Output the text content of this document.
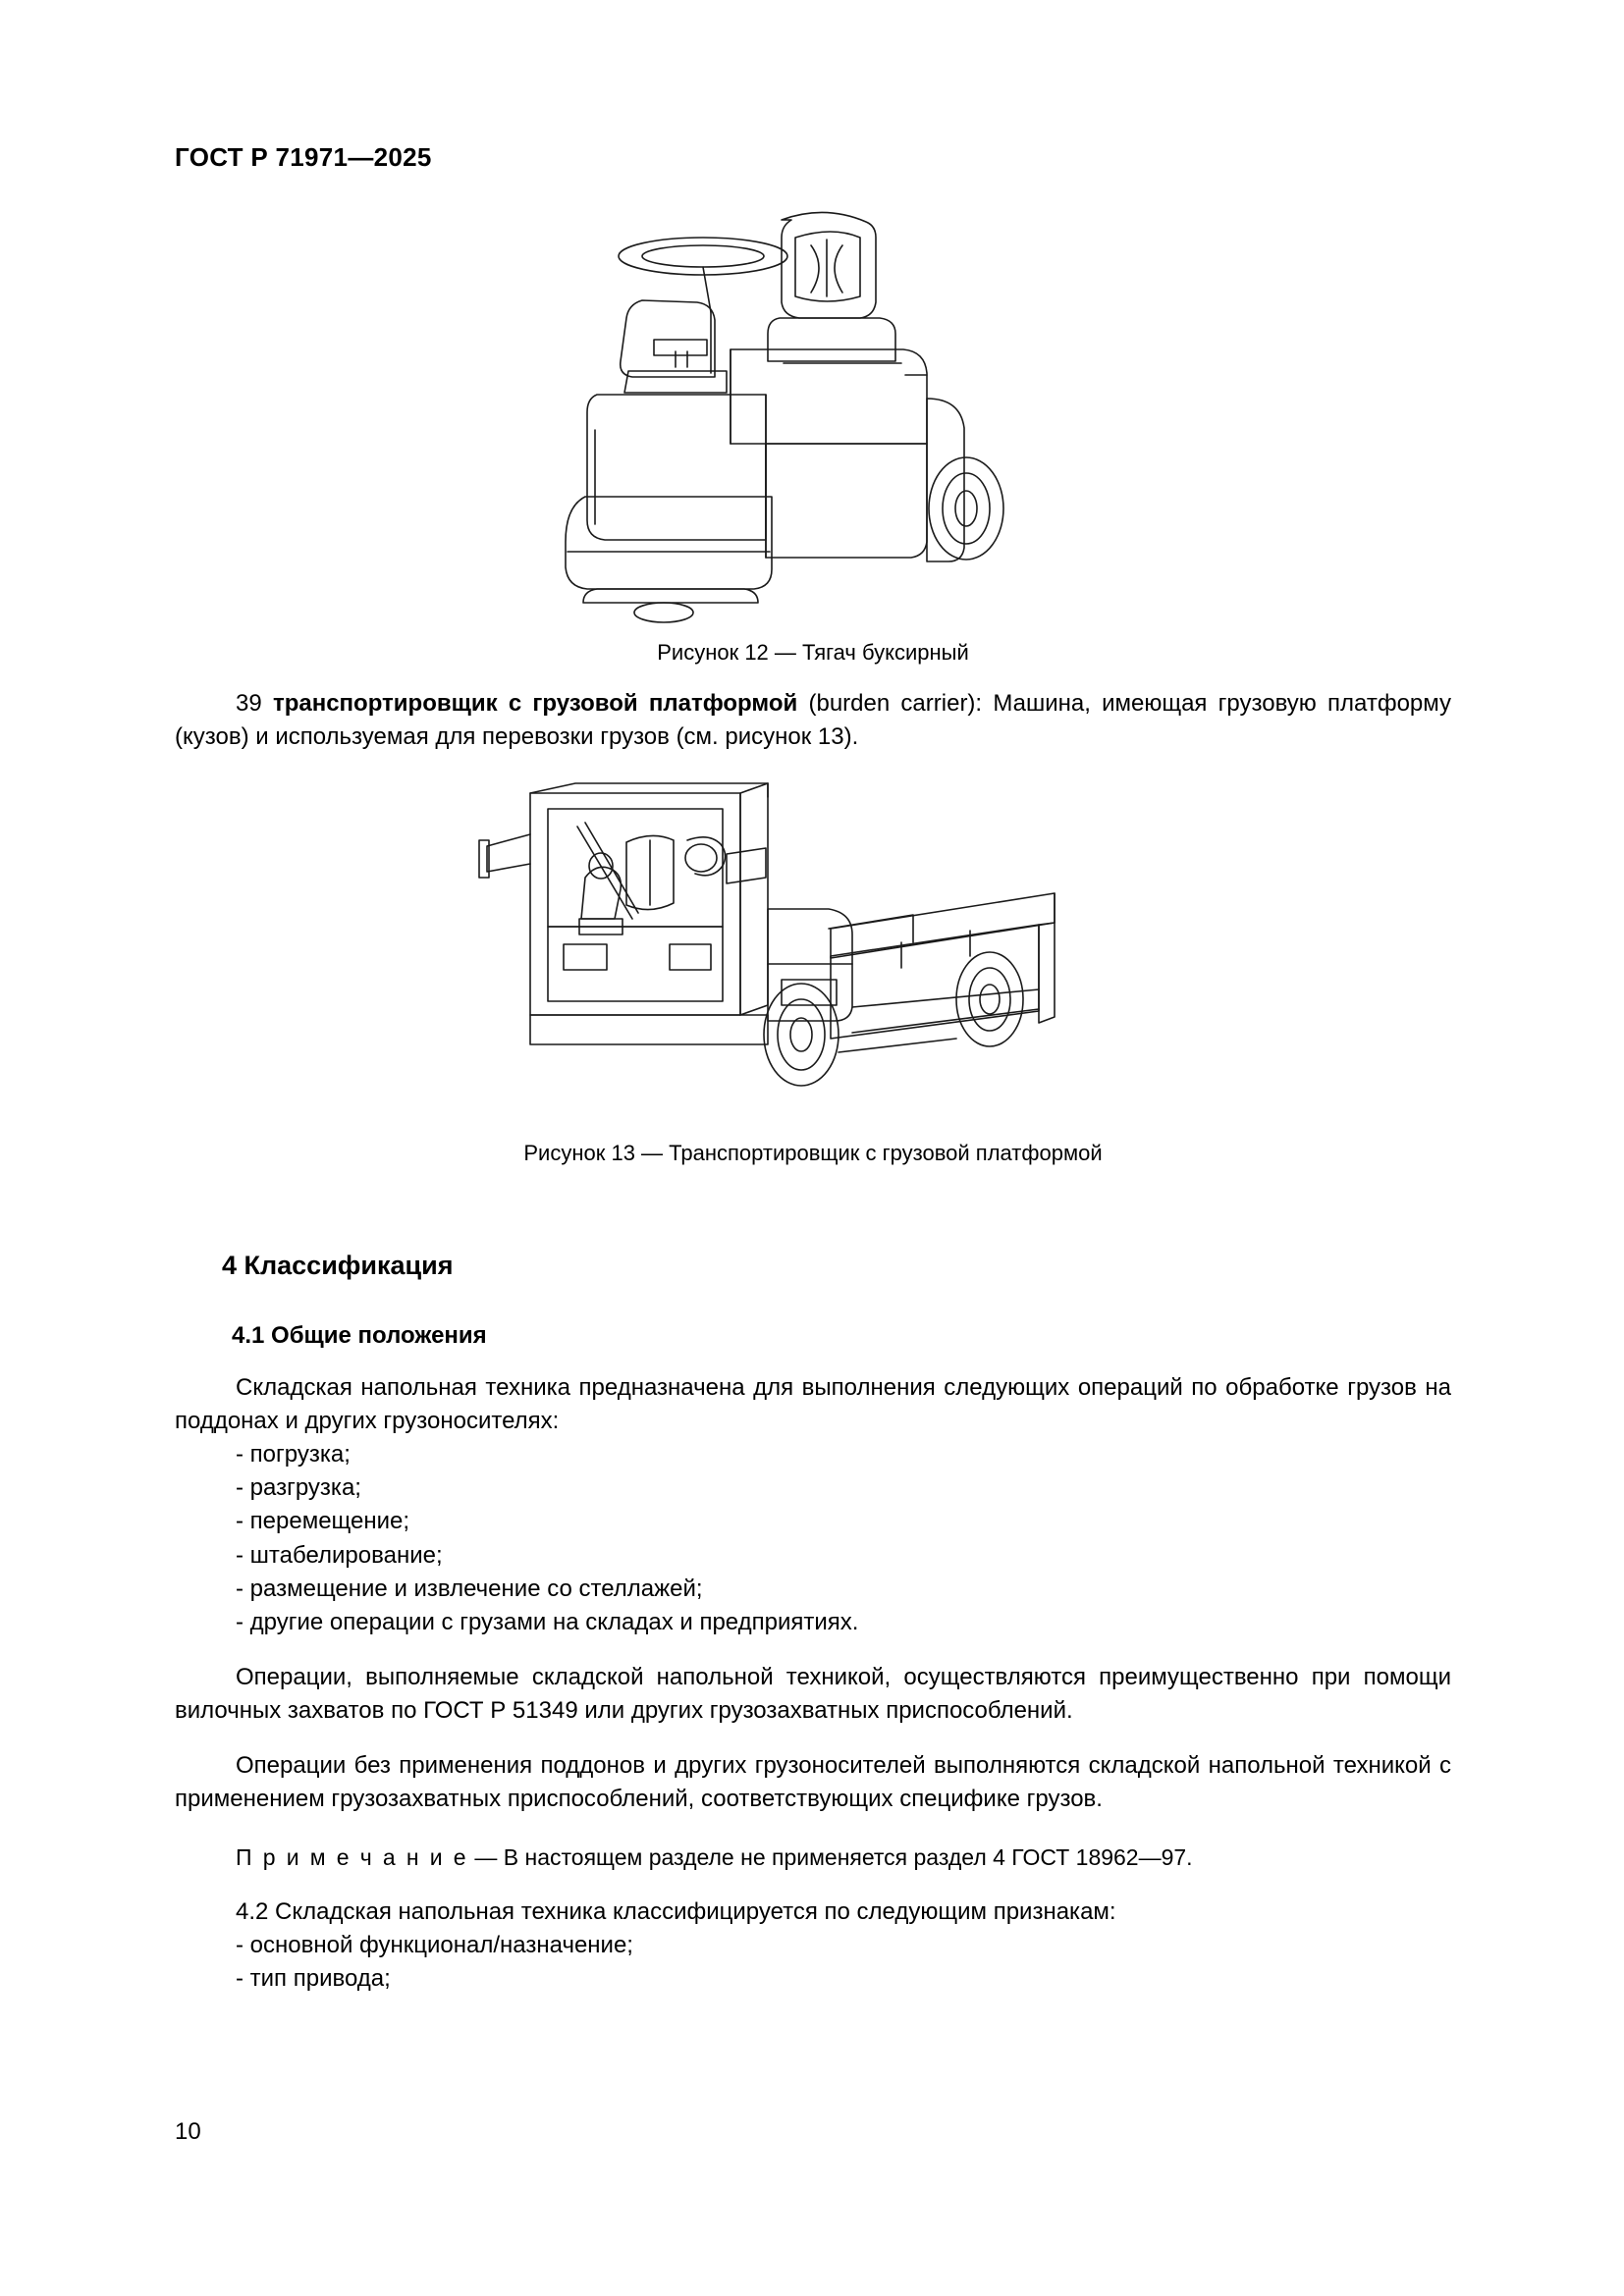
ГОСТ Р 71971—2025
Рисунок 12 — Тягач буксирный

39 транспортировщик с грузовой платформой (burden carrier): Машина, имеющая грузовую платформу (кузов) и используемая для перевозки грузов (см. рисунок 13).

Рисунок 13 — Транспортировщик с грузовой платформой
4 Классификация
4.1 Общие положения

Складская напольная техника предназначена для выполнения следующих операций по обработке грузов на поддонах и других грузоносителях:

- погрузка;
- разгрузка;
- перемещение;
- штабелирование;
- размещение и извлечение со стеллажей;
- другие операции с грузами на складах и предприятиях.

Операции, выполняемые складской напольной техникой, осуществляются преимущественно при помощи вилочных захватов по ГОСТ Р 51349 или других грузозахватных приспособлений.

Операции без применения поддонов и других грузоносителей выполняются складской напольной техникой с применением грузозахватных приспособлений, соответствующих специфике грузов.

П р и м е ч а н и е — В настоящем разделе не применяется раздел 4 ГОСТ 18962—97.

4.2 Складская напольная техника классифицируется по следующим признакам:

- основной функционал/назначение;
- тип привода;
10
